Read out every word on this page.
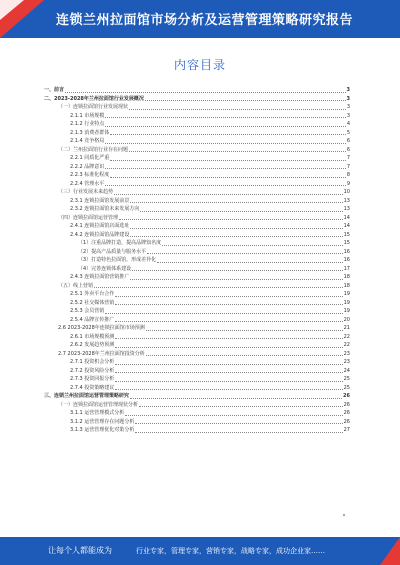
连锁兰州拉面馆市场分析及运营管理策略研究报告
内容目录
一、前言	3
二、2023-2028年兰州拉面馆行业发展概况	3
（一）连锁拉面馆行业发展现状	3
2.1.1 市场规模	3
2.1.2 行业特点	4
2.1.3 消费者群体	5
2.1.4 竞争格局	6
（二）兰州拉面馆行业存在问题	6
2.2.1 同质化严重	7
2.2.2 品牌意识	7
2.2.3 标准化程度	8
2.2.4 管理水平	9
（三）行业发展未来趋势	10
2.3.1 连锁拉面馆发展前景	13
2.3.2 连锁拉面馆未来发展方向	13
（四）连锁拉面馆运营管理	14
2.4.1 连锁拉面馆店面选址	14
2.4.2 连锁拉面馆品牌建设	15
（1）注重品牌打造，提高品牌知名度	15
（2）提高产品质量与服务水平	16
（3）打造特色拉面馆，形成差异化	16
（4）完善连锁体系建设	17
2.4.3 连锁拉面馆营销推广	18
（五）线上营销	18
2.5.1 外卖平台合作	19
2.5.2 社交媒体营销	19
2.5.3 会员营销	19
2.5.4 品牌宣传推广	20
2.6 2023-2028年连锁拉面馆市场预测	21
2.6.1 市场规模预测	22
2.6.2 发展趋势预测	22
2.7 2023-2028年兰州拉面馆投资分析	23
2.7.1 投资机会分析	23
2.7.2 投资风险分析	24
2.7.3 投资回报分析	25
2.7.4 投资策略建议	25
三、连锁兰州拉面馆运营管理策略研究	26
（一）连锁拉面馆运营管理现状分析	26
3.1.1 运营管理模式分析	26
3.1.2 运营管理存在问题分析	26
3.1.3 运营管理优化对策分析	27
让每个人都能成为	行业专家，管理专家，营销专家，战略专家，成功企业家……
